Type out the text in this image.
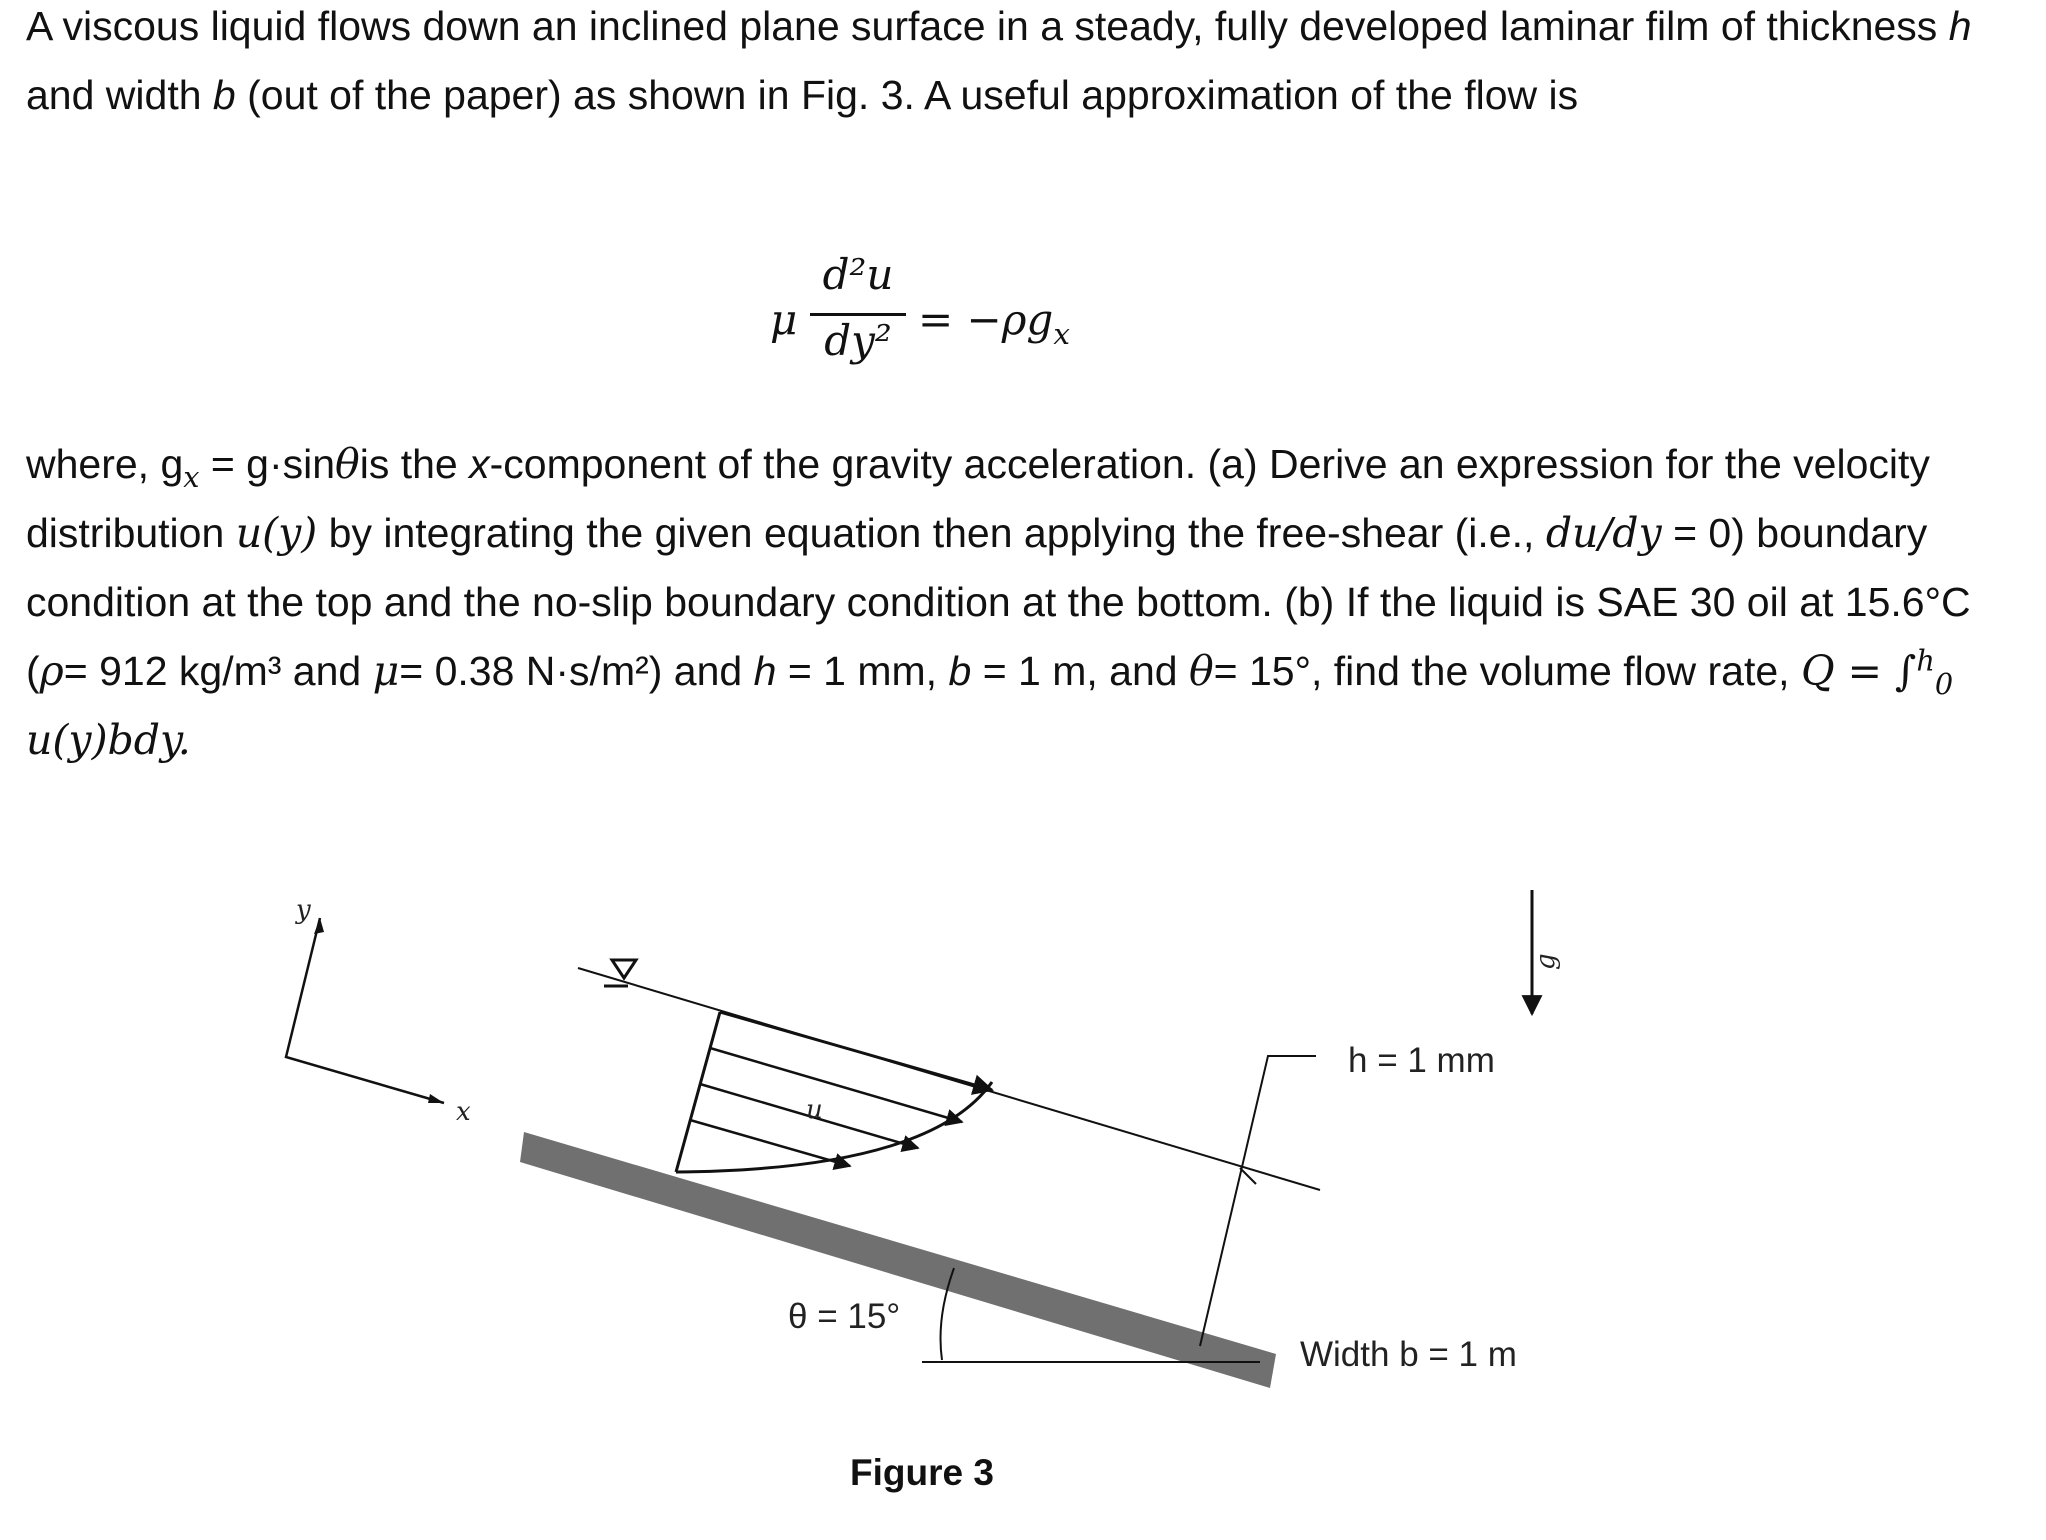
A viscous liquid flows down an inclined plane surface in a steady, fully developed laminar film of thickness h and width b (out of the paper) as shown in Fig. 3. A useful approximation of the flow is

μ
d²u
$dy^2 = -\rho g_x$

where, $g_x = g\cdot\sin\theta is$ the x-component of the gravity acceleration. (a) Derive an expression for the velocity distribution u(y) by integrating the given equation then applying the free-shear (i.e., du/dy = 0) boundary condition at the top and the no-slip boundary condition at the bottom. (b) If the liquid is SAE 30 oil at 15.6°C (ρ= 912 kg/m³ and μ= 0.38 N·s/m²) and h = 1 mm, b = 1 m, and θ= 15°, find the volume flow rate, Q = ∫$^h_0$ u(y)bdy.

y
x	u
g
h = 1 mm
θ = 15°
Width b = 1 m
Figure 3
